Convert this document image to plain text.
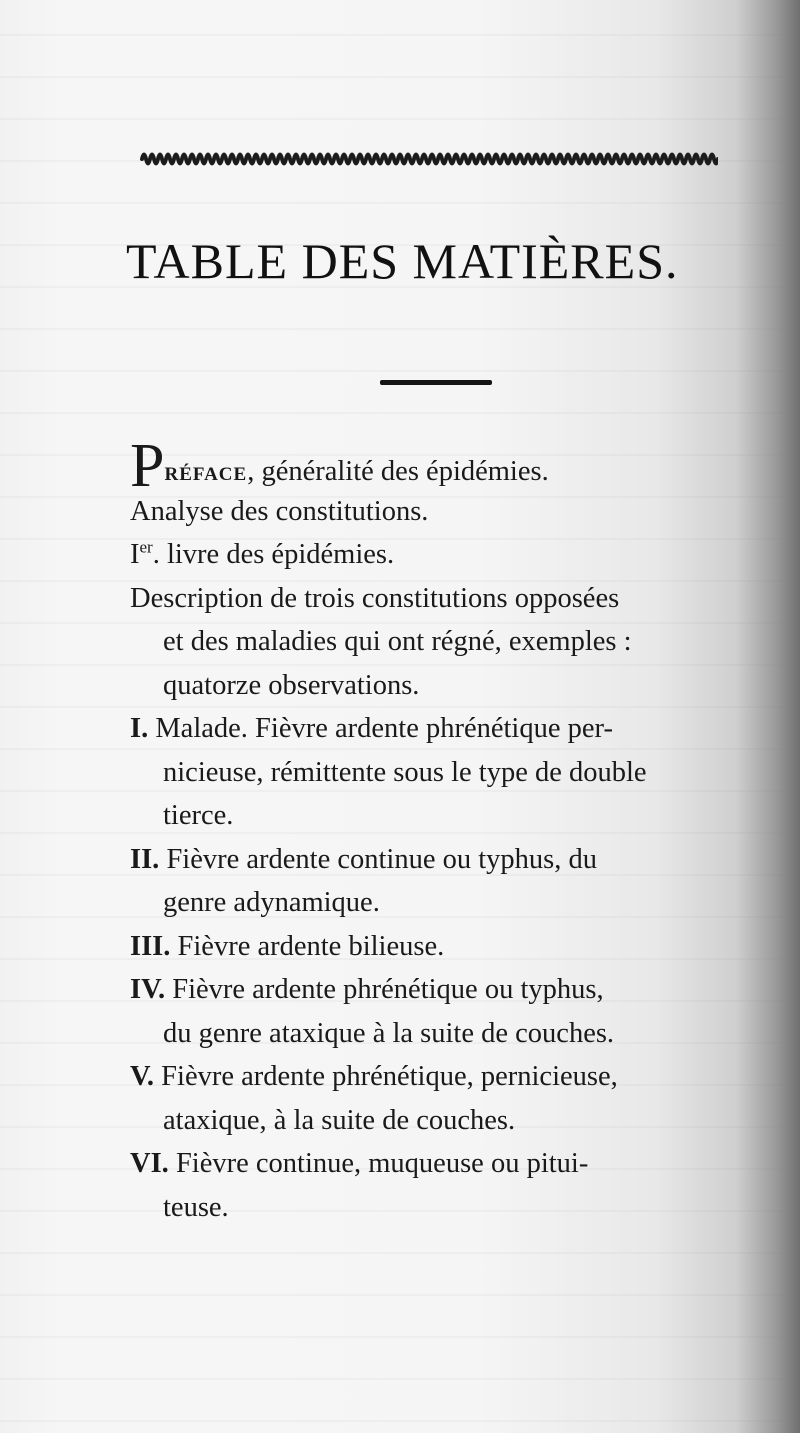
TABLE DES MATIÈRES.
PRÉFACE, généralité des épidémies.
Analyse des constitutions.
Ier. livre des épidémies.
Description de trois constitutions opposées
et des maladies qui ont régné, exemples :
quatorze observations.
I. Malade. Fièvre ardente phrénétique per-
nicieuse, rémittente sous le type de double
tierce.
II. Fièvre ardente continue ou typhus, du
genre adynamique.
III. Fièvre ardente bilieuse.
IV. Fièvre ardente phrénétique ou typhus,
du genre ataxique à la suite de couches.
V. Fièvre ardente phrénétique, pernicieuse,
ataxique, à la suite de couches.
VI. Fièvre continue, muqueuse ou pitui-
teuse.
